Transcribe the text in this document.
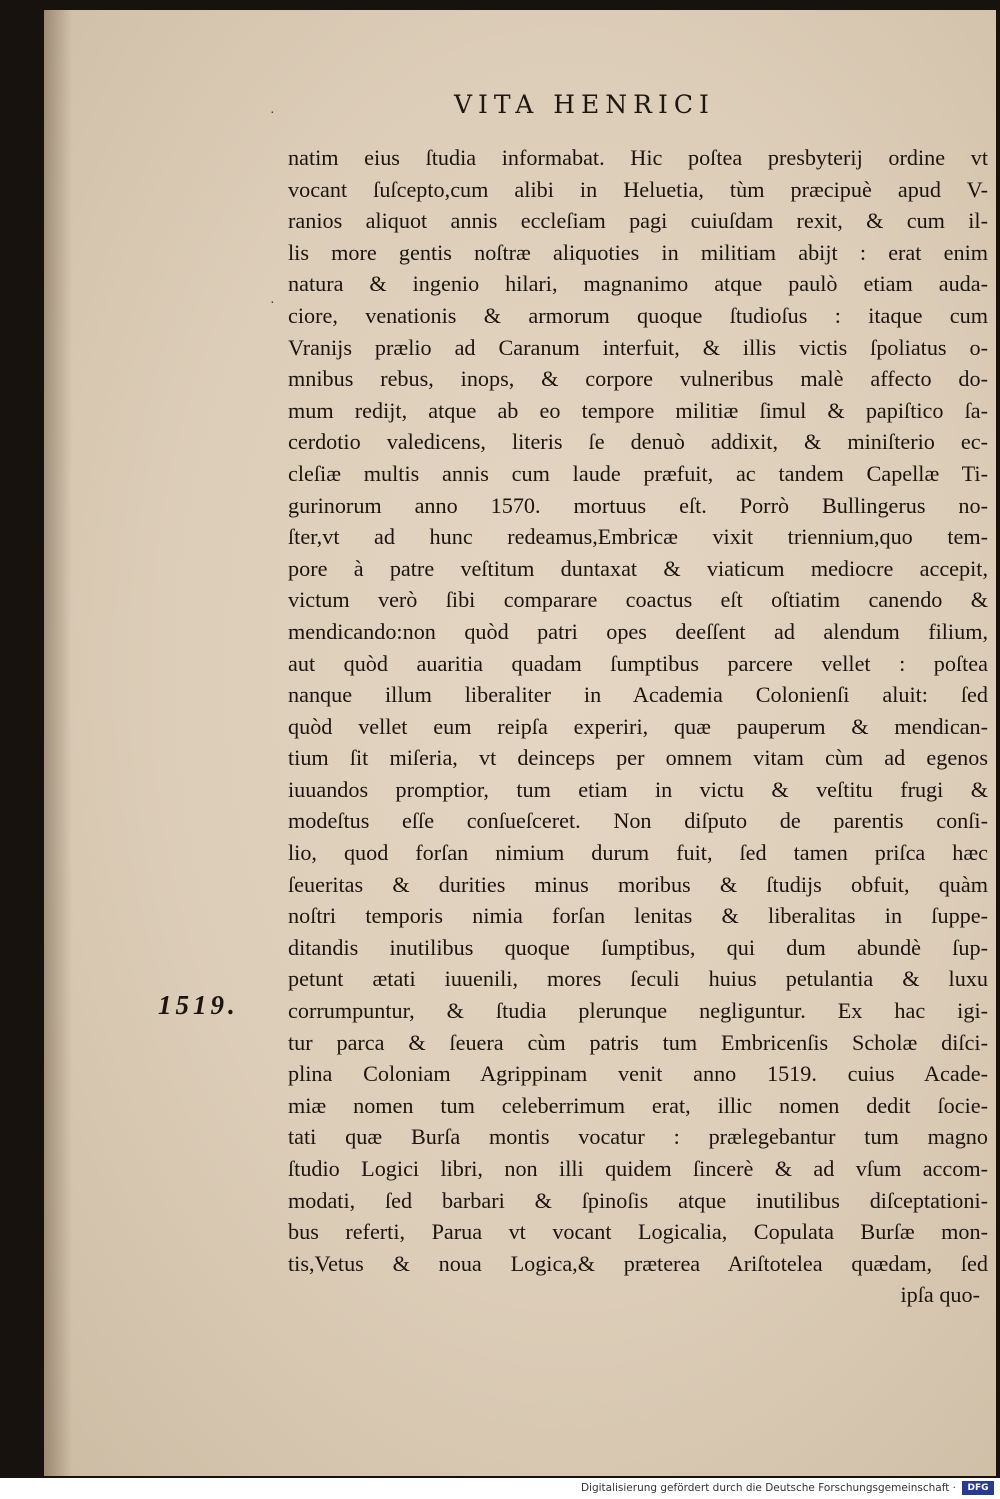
VITA HENRICI
·
·
1519.
natim eius ſtudia informabat. Hic poſtea presbyterij ordine vt
vocant ſuſcepto,cum alibi in Heluetia, tùm præcipuè apud V-
ranios aliquot annis eccleſiam pagi cuiuſdam rexit, & cum il-
lis more gentis noſtræ aliquoties in militiam abijt : erat enim
natura & ingenio hilari, magnanimo atque paulò etiam auda-
ciore, venationis & armorum quoque ſtudioſus : itaque cum
Vranijs prælio ad Caranum interfuit, & illis victis ſpoliatus o-
mnibus rebus, inops, & corpore vulneribus malè affecto do-
mum redijt, atque ab eo tempore militiæ ſimul & papiſtico ſa-
cerdotio valedicens, literis ſe denuò addixit, & miniſterio ec-
cleſiæ multis annis cum laude præfuit, ac tandem Capellæ Ti-
gurinorum anno 1570. mortuus eſt. Porrò Bullingerus no-
ſter,vt ad hunc redeamus,Embricæ vixit triennium,quo tem-
pore à patre veſtitum duntaxat & viaticum mediocre accepit,
victum verò ſibi comparare coactus eſt oſtiatim canendo &
mendicando:non quòd patri opes deeſſent ad alendum filium,
aut quòd auaritia quadam ſumptibus parcere vellet : poſtea
nanque illum liberaliter in Academia Colonienſi aluit: ſed
quòd vellet eum reipſa experiri, quæ pauperum & mendican-
tium ſit miſeria, vt deinceps per omnem vitam cùm ad egenos
iuuandos promptior, tum etiam in victu & veſtitu frugi &
modeſtus eſſe conſueſceret. Non diſputo de parentis conſi-
lio, quod forſan nimium durum fuit, ſed tamen priſca hæc
ſeueritas & durities minus moribus & ſtudijs obfuit, quàm
noſtri temporis nimia forſan lenitas & liberalitas in ſuppe-
ditandis inutilibus quoque ſumptibus, qui dum abundè ſup-
petunt ætati iuuenili, mores ſeculi huius petulantia & luxu
corrumpuntur, & ſtudia plerunque negliguntur. Ex hac igi-
tur parca & ſeuera cùm patris tum Embricenſis Scholæ diſci-
plina Coloniam Agrippinam venit anno 1519. cuius Acade-
miæ nomen tum celeberrimum erat, illic nomen dedit ſocie-
tati quæ Burſa montis vocatur : prælegebantur tum magno
ſtudio Logici libri, non illi quidem ſincerè & ad vſum accom-
modati, ſed barbari & ſpinoſis atque inutilibus diſceptationi-
bus referti, Parua vt vocant Logicalia, Copulata Burſæ mon-
tis,Vetus & noua Logica,& præterea Ariſtotelea quædam, ſed
ipſa quo-
Digitalisierung gefördert durch die Deutsche Forschungsgemeinschaft ·	DFG
